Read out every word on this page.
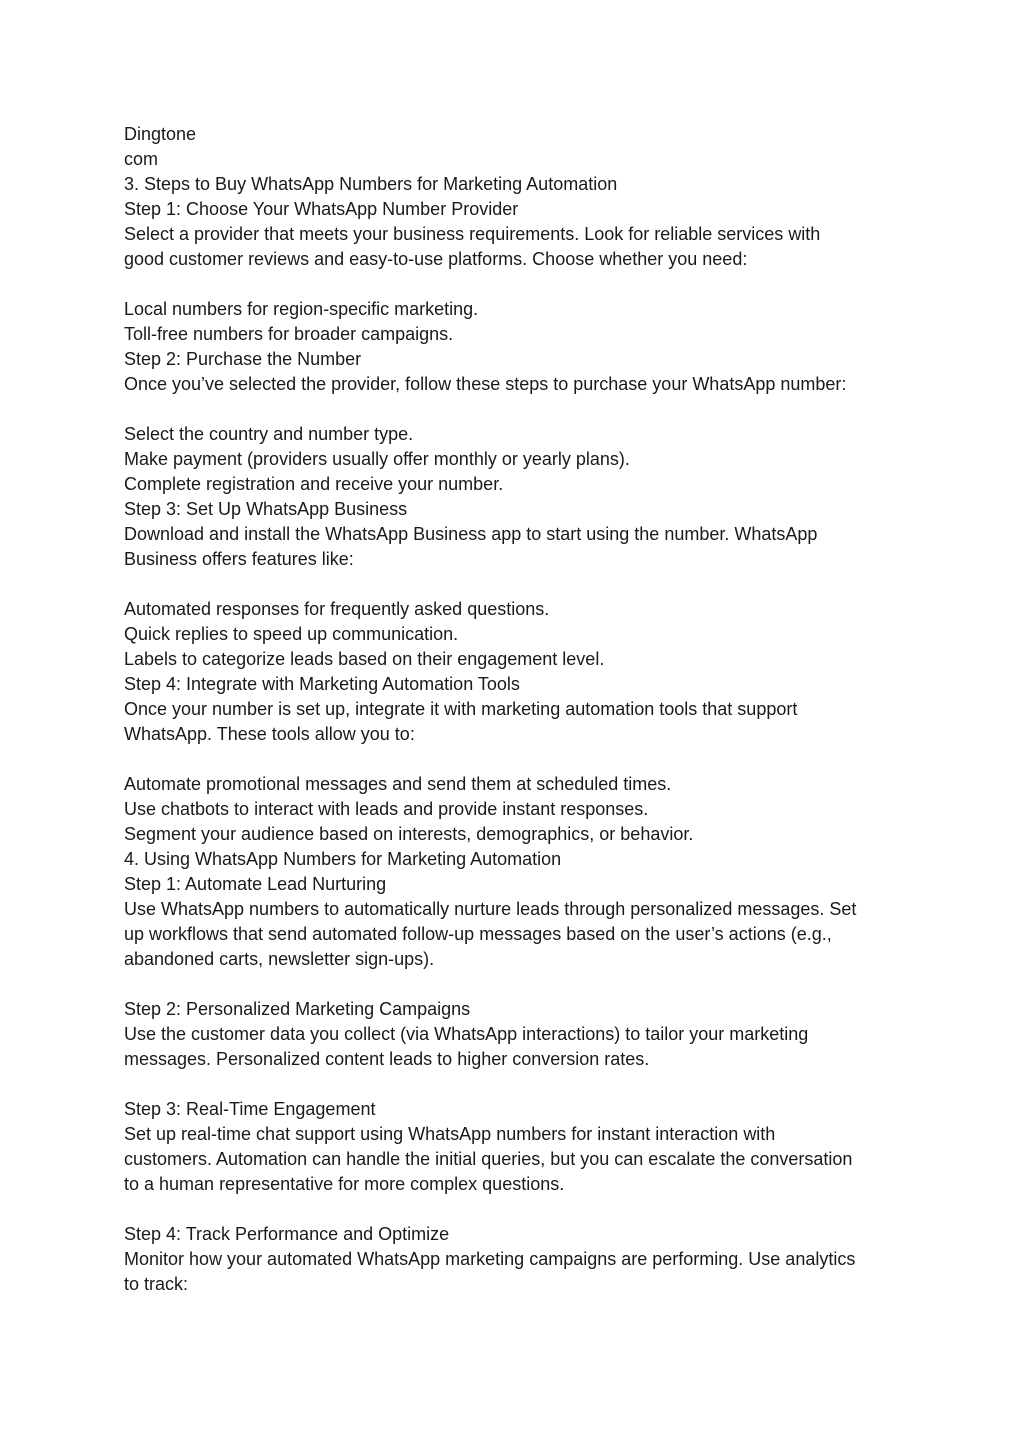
Dingtone
com
3. Steps to Buy WhatsApp Numbers for Marketing Automation
Step 1: Choose Your WhatsApp Number Provider
Select a provider that meets your business requirements. Look for reliable services with
good customer reviews and easy-to-use platforms. Choose whether you need:
Local numbers for region-specific marketing.
Toll-free numbers for broader campaigns.
Step 2: Purchase the Number
Once you’ve selected the provider, follow these steps to purchase your WhatsApp number:
Select the country and number type.
Make payment (providers usually offer monthly or yearly plans).
Complete registration and receive your number.
Step 3: Set Up WhatsApp Business
Download and install the WhatsApp Business app to start using the number. WhatsApp
Business offers features like:
Automated responses for frequently asked questions.
Quick replies to speed up communication.
Labels to categorize leads based on their engagement level.
Step 4: Integrate with Marketing Automation Tools
Once your number is set up, integrate it with marketing automation tools that support
WhatsApp. These tools allow you to:
Automate promotional messages and send them at scheduled times.
Use chatbots to interact with leads and provide instant responses.
Segment your audience based on interests, demographics, or behavior.
4. Using WhatsApp Numbers for Marketing Automation
Step 1: Automate Lead Nurturing
Use WhatsApp numbers to automatically nurture leads through personalized messages. Set
up workflows that send automated follow-up messages based on the user’s actions (e.g.,
abandoned carts, newsletter sign-ups).
Step 2: Personalized Marketing Campaigns
Use the customer data you collect (via WhatsApp interactions) to tailor your marketing
messages. Personalized content leads to higher conversion rates.
Step 3: Real-Time Engagement
Set up real-time chat support using WhatsApp numbers for instant interaction with
customers. Automation can handle the initial queries, but you can escalate the conversation
to a human representative for more complex questions.
Step 4: Track Performance and Optimize
Monitor how your automated WhatsApp marketing campaigns are performing. Use analytics
to track:
